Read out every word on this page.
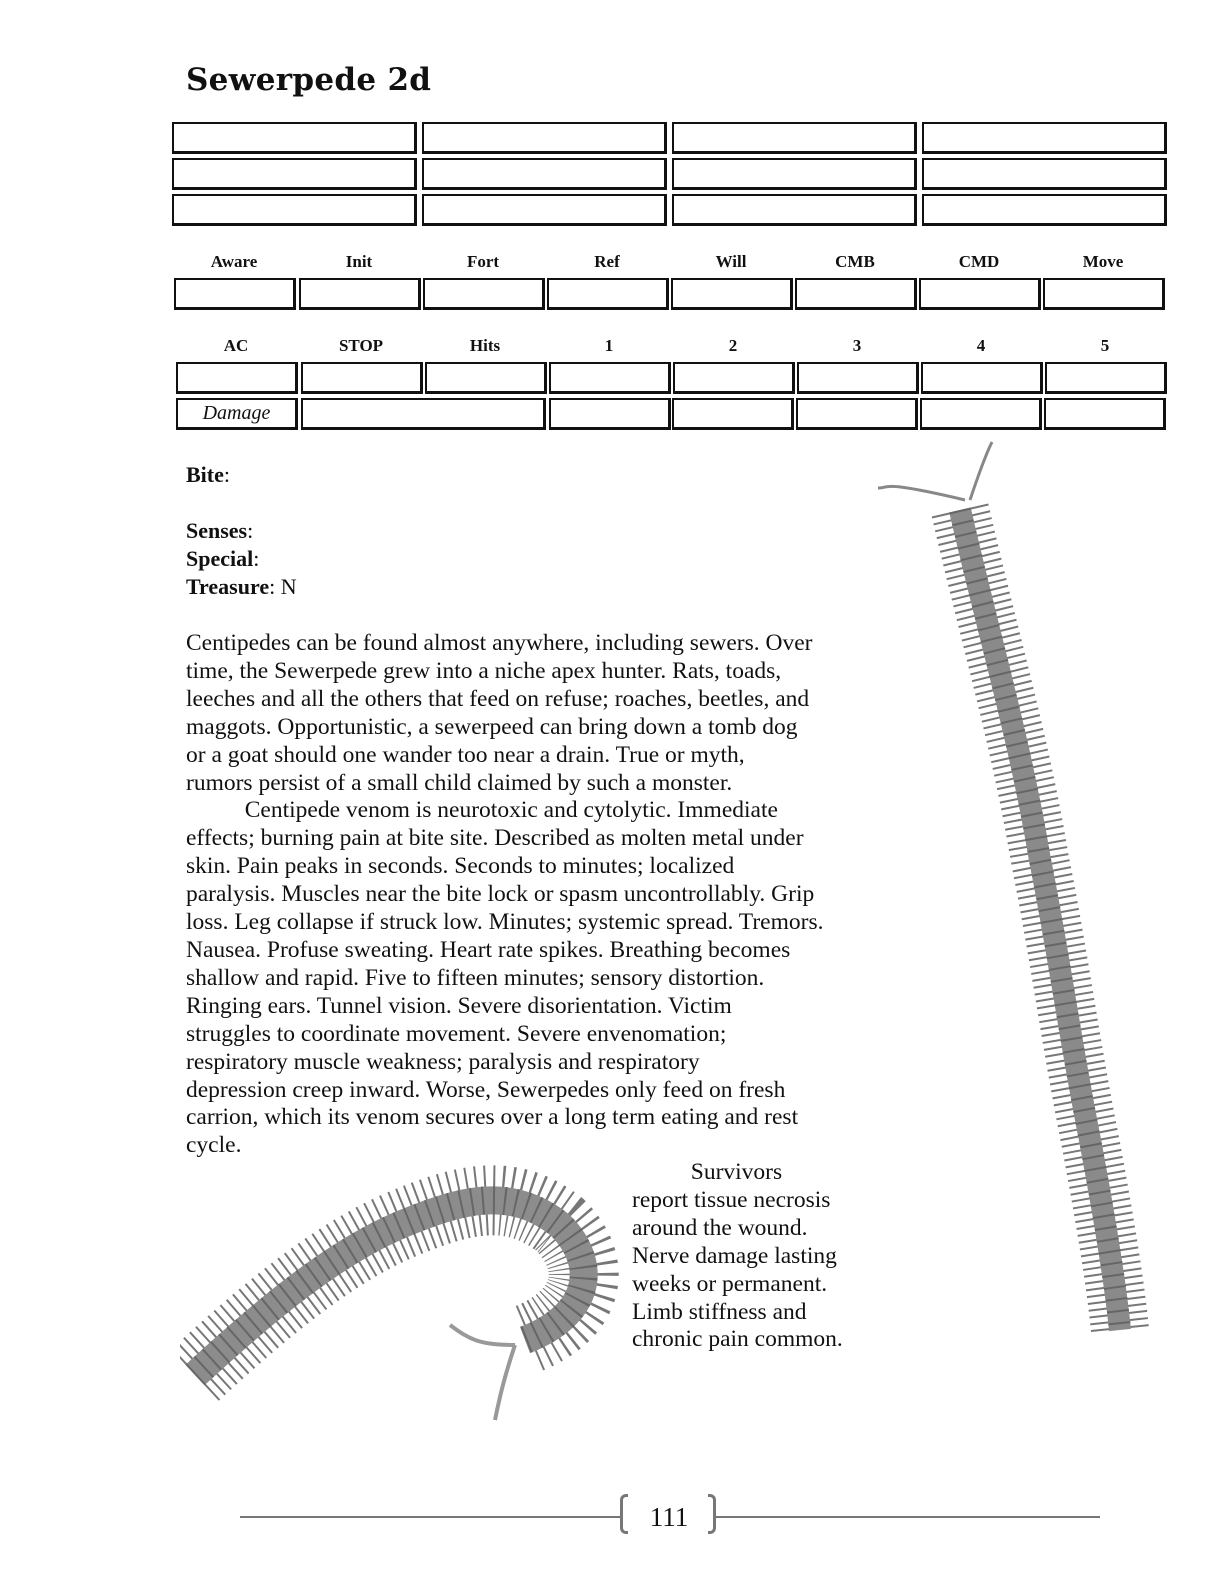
Sewerpede 2d
Aware
AC
Init
STOP
Fort
Hits
Ref
1
Will
2
CMB
3
CMD
4
Move
5
Damage
Bite:
Senses:
Special:
Treasure: N
Centipedes can be found almost anywhere, including sewers. Over
time, the Sewerpede grew into a niche apex hunter. Rats, toads,
leeches and all the others that feed on refuse; roaches, beetles, and
maggots. Opportunistic, a sewerpeed can bring down a tomb dog
or a goat should one wander too near a drain. True or myth,
rumors persist of a small child claimed by such a monster.
Centipede venom is neurotoxic and cytolytic. Immediate
effects; burning pain at bite site. Described as molten metal under
skin. Pain peaks in seconds. Seconds to minutes; localized
paralysis. Muscles near the bite lock or spasm uncontrollably. Grip
loss. Leg collapse if struck low. Minutes; systemic spread. Tremors.
Nausea. Profuse sweating. Heart rate spikes. Breathing becomes
shallow and rapid. Five to fifteen minutes; sensory distortion.
Ringing ears. Tunnel vision. Severe disorientation. Victim
struggles to coordinate movement. Severe envenomation;
respiratory muscle weakness; paralysis and respiratory
depression creep inward. Worse, Sewerpedes only feed on fresh
carrion, which its venom secures over a long term eating and rest
cycle.
Survivors
report tissue necrosis
around the wound.
Nerve damage lasting
weeks or permanent.
Limb stiffness and
chronic pain common.
111
